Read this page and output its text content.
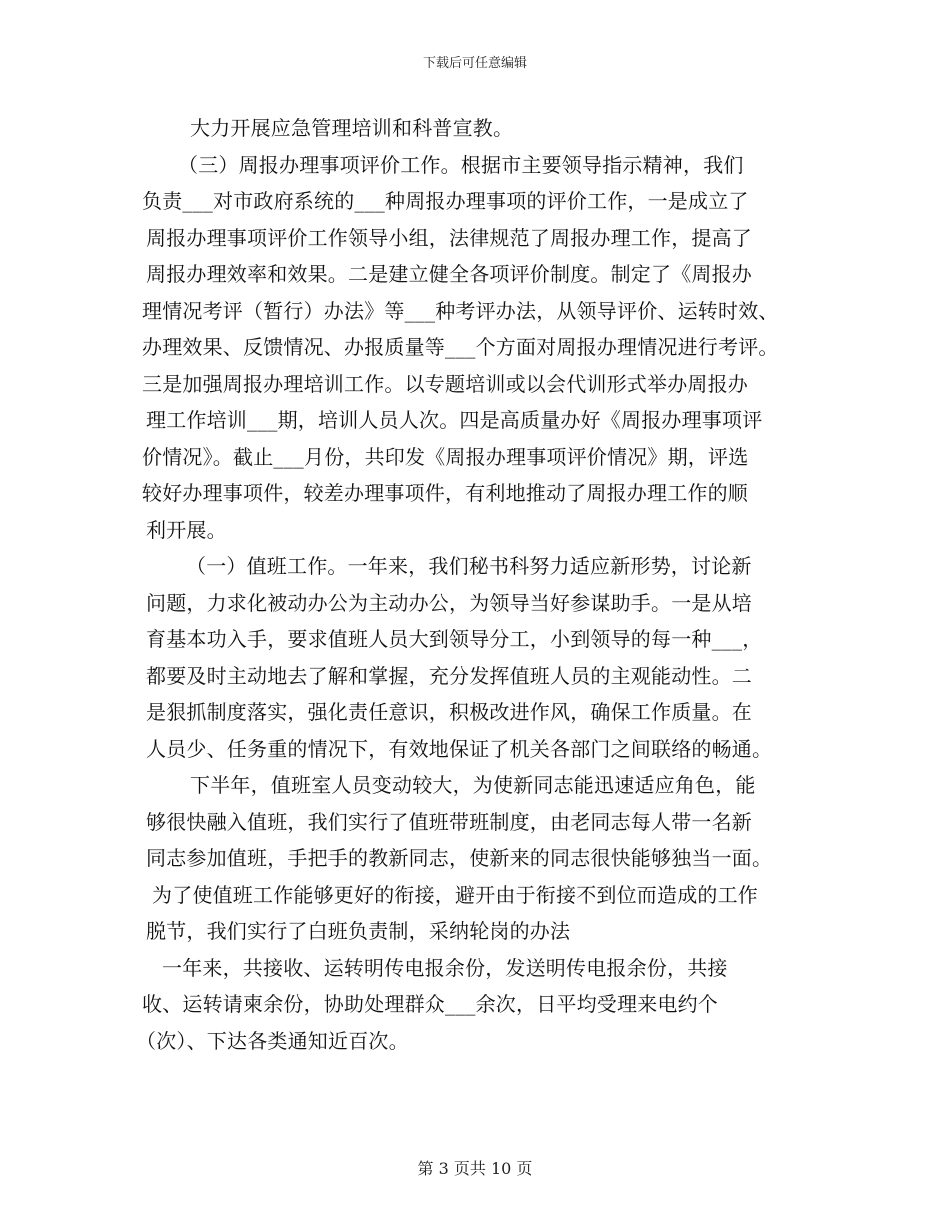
下载后可任意编辑
大力开展应急管理培训和科普宣教。
（三）周报办理事项评价工作。根据市主要领导指示精神，我们
负责___对市政府系统的___种周报办理事项的评价工作，一是成立了
周报办理事项评价工作领导小组，法律规范了周报办理工作，提高了
周报办理效率和效果。二是建立健全各项评价制度。制定了《周报办
理情况考评（暂行）办法》等___种考评办法，从领导评价、运转时效、
办理效果、反馈情况、办报质量等___个方面对周报办理情况进行考评。
三是加强周报办理培训工作。以专题培训或以会代训形式举办周报办
理工作培训___期，培训人员人次。四是高质量办好《周报办理事项评
价情况》。截止___月份，共印发《周报办理事项评价情况》期，评选
较好办理事项件，较差办理事项件，有利地推动了周报办理工作的顺
利开展。
（一）值班工作。一年来，我们秘书科努力适应新形势，讨论新
问题，力求化被动办公为主动办公，为领导当好参谋助手。一是从培
育基本功入手，要求值班人员大到领导分工，小到领导的每一种___，
都要及时主动地去了解和掌握，充分发挥值班人员的主观能动性。二
是狠抓制度落实，强化责任意识，积极改进作风，确保工作质量。在
人员少、任务重的情况下，有效地保证了机关各部门之间联络的畅通。
下半年，值班室人员变动较大，为使新同志能迅速适应角色，能
够很快融入值班，我们实行了值班带班制度，由老同志每人带一名新
同志参加值班，手把手的教新同志，使新来的同志很快能够独当一面。
为了使值班工作能够更好的衔接，避开由于衔接不到位而造成的工作
脱节，我们实行了白班负责制，采纳轮岗的办法
一年来，共接收、运转明传电报余份，发送明传电报余份，共接
收、运转请柬余份，协助处理群众___余次，日平均受理来电约个
（次）、下达各类通知近百次。
第 3 页共 10 页
